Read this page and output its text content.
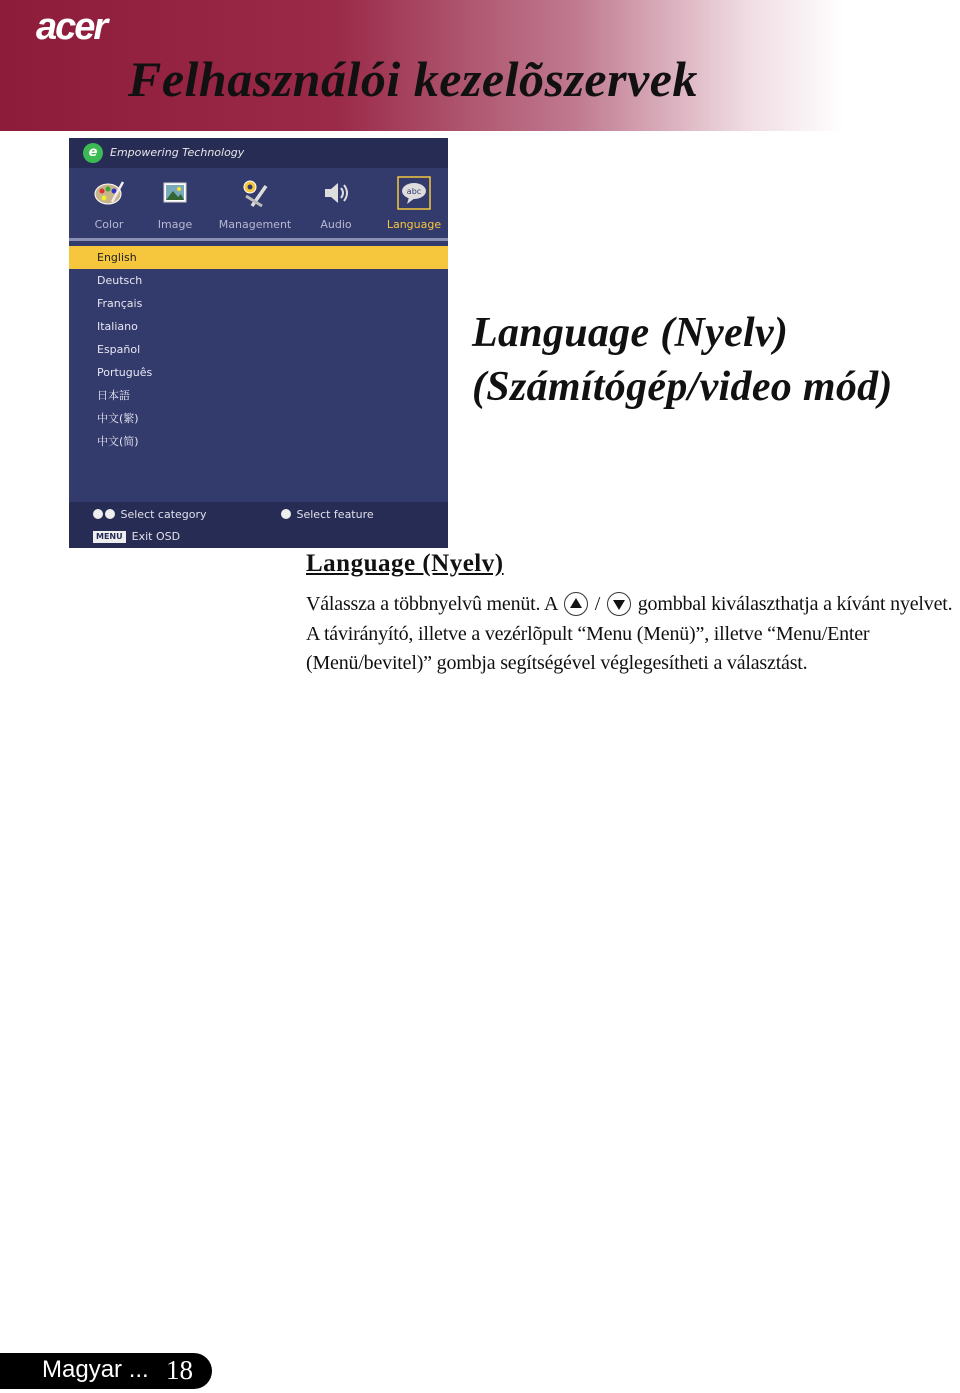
acer
Felhasználói kezelõszervek
e	Empowering Technology
Color	Image	Management	Audio
abc
Language
English
Deutsch
Français
Italiano
Español
Português
日本語
中文(繁)
中文(简)
Select category	Select feature
MENU Exit OSD
Language (Nyelv)
(Számítógép/video mód)
Language (Nyelv)

Válassza a többnyelvû menüt. A  /  gombbal kiválaszthatja a kívánt nyelvet. A távirányító, illetve a vezérlõpult “Menu (Menü)”, illetve “Menu/Enter (Menü/bevitel)” gombja segítségével véglegesítheti a választást.

Magyar ... 18
